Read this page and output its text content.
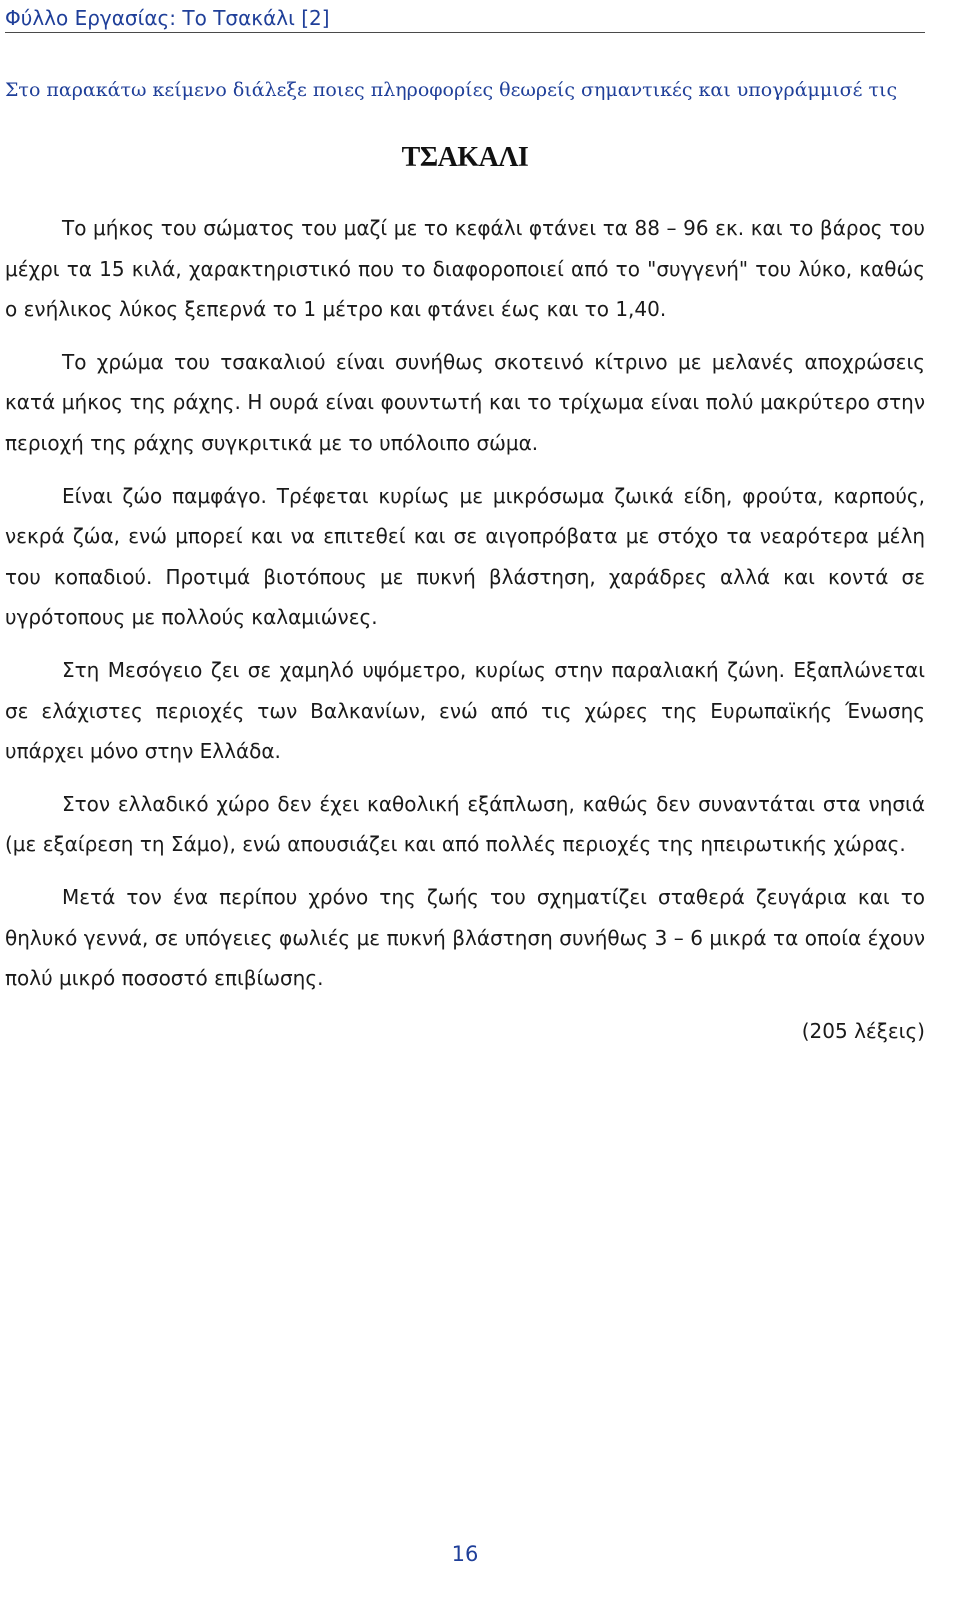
Φύλλο Εργασίας: Το Τσακάλι [2]
Στο παρακάτω κείμενο διάλεξε ποιες πληροφορίες θεωρείς σημαντικές και υπογράμμισέ τις
ΤΣΑΚΑΛΙ

Το μήκος του σώματος του μαζί με το κεφάλι φτάνει τα 88 – 96 εκ. και το βάρος του μέχρι τα 15 κιλά, χαρακτηριστικό που το διαφοροποιεί από το "συγγενή" του λύκο, καθώς ο ενήλικος λύκος ξεπερνά το 1 μέτρο και φτάνει έως και το 1,40.

Το χρώμα του τσακαλιού είναι συνήθως σκοτεινό κίτρινο με μελανές αποχρώσεις κατά μήκος της ράχης. Η ουρά είναι φουντωτή και το τρίχωμα είναι πολύ μακρύτερο στην περιοχή της ράχης συγκριτικά με το υπόλοιπο σώμα.

Είναι ζώο παμφάγο. Τρέφεται κυρίως με μικρόσωμα ζωικά είδη, φρούτα, καρπούς, νεκρά ζώα, ενώ μπορεί και να επιτεθεί και σε αιγοπρόβατα με στόχο τα νεαρότερα μέλη του κοπαδιού. Προτιμά βιοτόπους με πυκνή βλάστηση, χαράδρες αλλά και κοντά σε υγρότοπους με πολλούς καλαμιώνες.

Στη Μεσόγειο ζει σε χαμηλό υψόμετρο, κυρίως στην παραλιακή ζώνη. Εξαπλώνεται σε ελάχιστες περιοχές των Βαλκανίων, ενώ από τις χώρες της Ευρωπαϊκής Ένωσης υπάρχει μόνο στην Ελλάδα.

Στον ελλαδικό χώρο δεν έχει καθολική εξάπλωση, καθώς δεν συναντάται στα νησιά (με εξαίρεση τη Σάμο), ενώ απουσιάζει και από πολλές περιοχές της ηπειρωτικής χώρας.

Μετά τον ένα περίπου χρόνο της ζωής του σχηματίζει σταθερά ζευγάρια και το θηλυκό γεννά, σε υπόγειες φωλιές με πυκνή βλάστηση συνήθως 3 – 6 μικρά τα οποία έχουν πολύ μικρό ποσοστό επιβίωσης.

(205 λέξεις)

16
